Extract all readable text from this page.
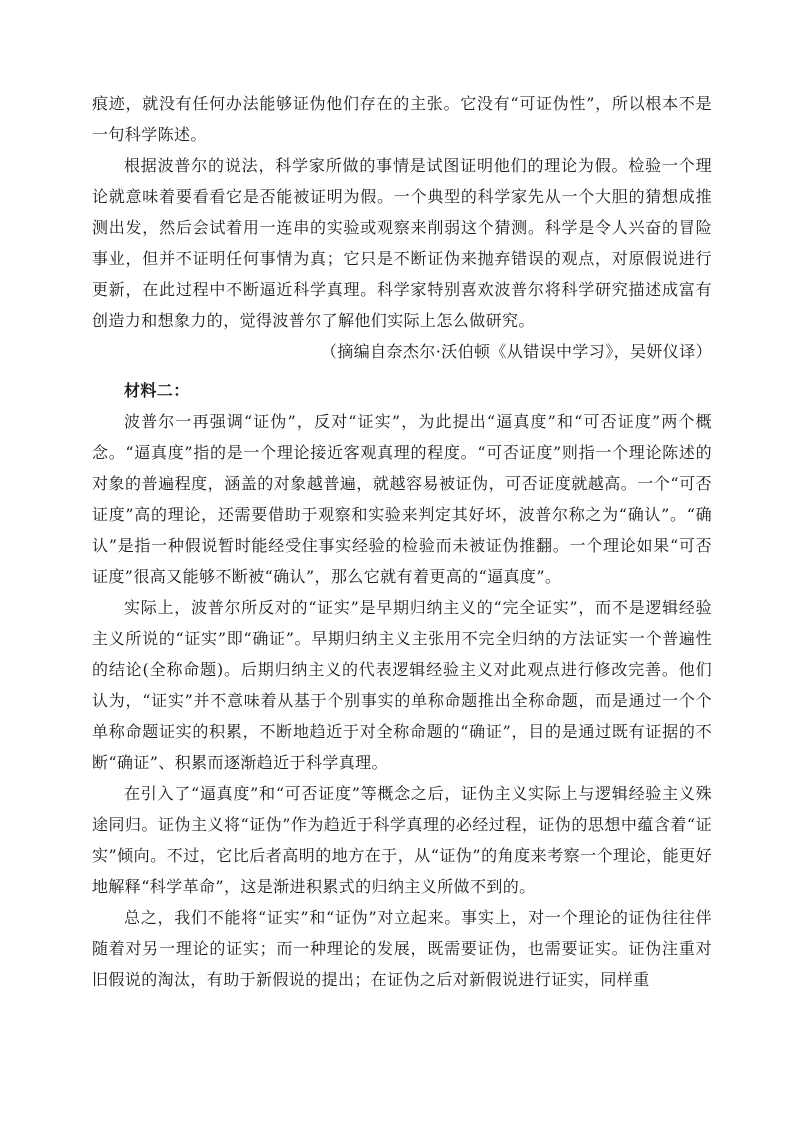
痕迹，就没有任何办法能够证伪他们存在的主张。它没有“可证伪性”，所以根本不是一句科学陈述。

根据波普尔的说法，科学家所做的事情是试图证明他们的理论为假。检验一个理论就意味着要看看它是否能被证明为假。一个典型的科学家先从一个大胆的猜想成推测出发，然后会试着用一连串的实验或观察来削弱这个猜测。科学是令人兴奋的冒险事业，但并不证明任何事情为真；它只是不断证伪来抛弃错误的观点，对原假说进行更新，在此过程中不断逼近科学真理。科学家特别喜欢波普尔将科学研究描述成富有创造力和想象力的，觉得波普尔了解他们实际上怎么做研究。

（摘编自奈杰尔·沃伯顿《从错误中学习》，吴妍仪译）

材料二：

波普尔一再强调“证伪”，反对“证实”，为此提出“逼真度”和“可否证度”两个概念。“逼真度”指的是一个理论接近客观真理的程度。“可否证度”则指一个理论陈述的对象的普遍程度，涵盖的对象越普遍，就越容易被证伪，可否证度就越高。一个“可否证度”高的理论，还需要借助于观察和实验来判定其好坏，波普尔称之为“确认”。“确认”是指一种假说暂时能经受住事实经验的检验而未被证伪推翻。一个理论如果“可否证度”很高又能够不断被“确认”，那么它就有着更高的“逼真度”。

实际上，波普尔所反对的“证实”是早期归纳主义的“完全证实”，而不是逻辑经验主义所说的“证实”即“确证”。早期归纳主义主张用不完全归纳的方法证实一个普遍性的结论(全称命题)。后期归纳主义的代表逻辑经验主义对此观点进行修改完善。他们认为，“证实”并不意味着从基于个别事实的单称命题推出全称命题，而是通过一个个单称命题证实的积累，不断地趋近于对全称命题的“确证”，目的是通过既有证据的不断“确证”、积累而逐渐趋近于科学真理。

在引入了“逼真度”和“可否证度”等概念之后，证伪主义实际上与逻辑经验主义殊途同归。证伪主义将“证伪”作为趋近于科学真理的必经过程，证伪的思想中蕴含着“证实”倾向。不过，它比后者高明的地方在于，从“证伪”的角度来考察一个理论，能更好地解释“科学革命”，这是渐进积累式的归纳主义所做不到的。

总之，我们不能将“证实”和“证伪”对立起来。事实上，对一个理论的证伪往往伴随着对另一理论的证实；而一种理论的发展，既需要证伪，也需要证实。证伪注重对旧假说的淘汰，有助于新假说的提出；在证伪之后对新假说进行证实，同样重
